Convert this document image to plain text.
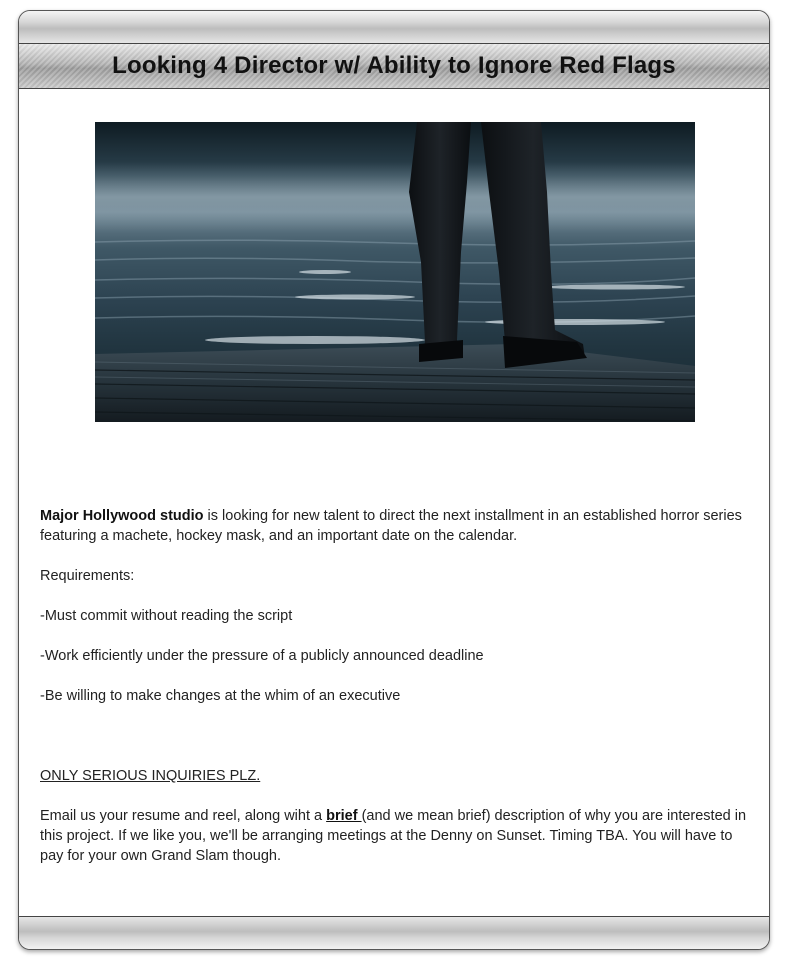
Looking 4 Director w/ Ability to Ignore Red Flags

Major Hollywood studio is looking for new talent to direct the next installment in an established horror series featuring a machete, hockey mask, and an important date on the calendar.

Requirements:

-Must commit without reading the script

-Work efficiently under the pressure of a publicly announced deadline

-Be willing to make changes at the whim of an executive

ONLY SERIOUS INQUIRIES PLZ.

Email us your resume and reel, along wiht a brief (and we mean brief) description of why you are interested in this project. If we like you, we'll be arranging meetings at the Denny on Sunset. Timing TBA. You will have to pay for your own Grand Slam though.
